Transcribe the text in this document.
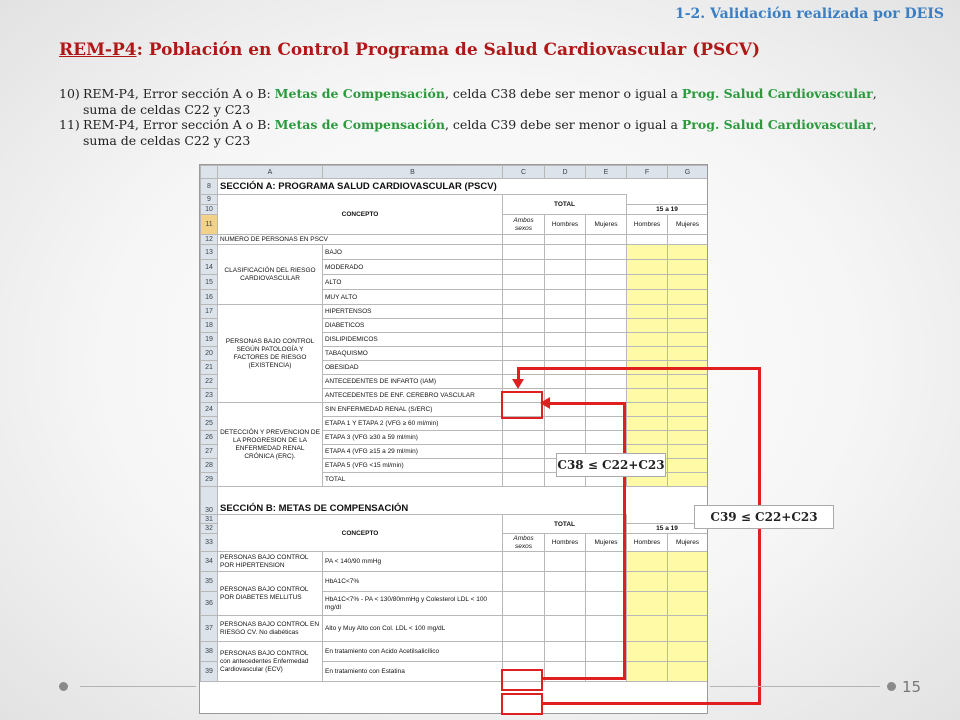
1-2. Validación realizada por DEIS
REM-P4: Población en Control Programa de Salud Cardiovascular (PSCV)
10) REM-P4, Error sección A o B: Metas de Compensación, celda C38 debe ser menor o igual a Prog. Salud Cardiovascular, suma de celdas C22 y C23
11) REM-P4, Error sección A o B: Metas de Compensación, celda C39 debe ser menor o igual a Prog. Salud Cardiovascular, suma de celdas C22 y C23
	A	B	C	D	E	F	G
8	SECCIÓN A: PROGRAMA SALUD CARDIOVASCULAR (PSCV)						
9	CONCEPTO		TOTAL				
10						15 a 19	
11			Ambos sexos	Hombres	Mujeres	Hombres	Mujeres
12	NUMERO DE PERSONAS EN PSCV						
13	CLASIFICACIÓN DEL RIESGO CARDIOVASCULAR	BAJO					
14		MODERADO					
15		ALTO					
16		MUY ALTO					
17	PERSONAS BAJO CONTROL SEGÚN PATOLOGÍA Y FACTORES DE RIESGO (EXISTENCIA)	HIPERTENSOS					
18		DIABETICOS					
19		DISLIPIDEMICOS					
20		TABAQUISMO					
21		OBESIDAD					
22		ANTECEDENTES DE INFARTO (IAM)					
23		ANTECEDENTES DE ENF. CEREBRO VASCULAR					
24	DETECCIÓN Y PREVENCION DE LA PROGRESION DE LA ENFERMEDAD RENAL CRÓNICA (ERC).	SIN ENFERMEDAD RENAL (S/ERC)					
25		ETAPA 1 Y ETAPA 2 (VFG ≥ 60 ml/min)					
26		ETAPA 3 (VFG ≥30 a 59 ml/min)					
27		ETAPA 4 (VFG ≥15 a 29 ml/min)					
28		ETAPA 5 (VFG <15 ml/min)					
29		TOTAL					
30	SECCIÓN B: METAS DE COMPENSACIÓN						
31	CONCEPTO		TOTAL				
32						15 a 19	
33			Ambos sexos	Hombres	Mujeres	Hombres	Mujeres
34	PERSONAS BAJO CONTROL POR HIPERTENSION	PA < 140/90 mmHg					
35	PERSONAS BAJO CONTROL POR DIABETES MELLITUS	HbA1C<7%					
36		HbA1C<7% - PA < 130/80mmHg y Colesterol LDL < 100 mg/dl					
37	PERSONAS BAJO CONTROL EN RIESGO CV. No diabéticas	Alto y Muy Alto con Col. LDL < 100 mg/dL					
38	PERSONAS BAJO CONTROL con antecedentes Enfermedad Cardiovascular (ECV)	En tratamiento con Acido Acetilsalicílico					
39		En tratamiento con Estatina					
C38 ≤ C22+C23
C39 ≤ C22+C23
15
